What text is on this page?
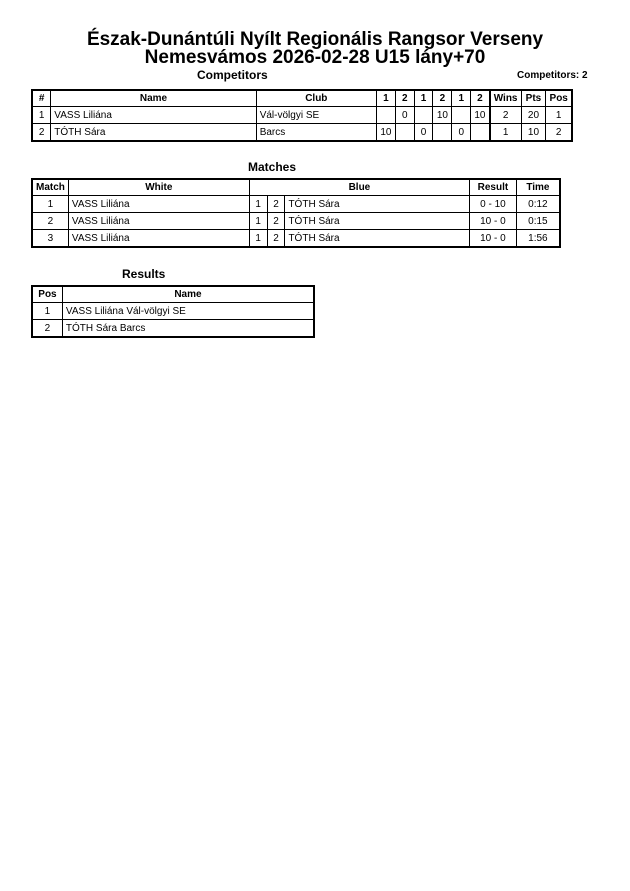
Észak-Dunántúli Nyílt Regionális Rangsor Verseny
Nemesvámos 2026-02-28 U15 lány+70
Competitors	Competitors: 2
#	Name	Club	1	2	1	2	1	2	Wins	Pts	Pos
1	VASS Liliána	Vál-völgyi SE		0		10		10	2	20	1
2	TÓTH Sára	Barcs	10		0		0		1	10	2
Matches
Match	White	Blue			Result	Time
1	VASS Liliána	1	2	TÓTH Sára	0 - 10	0:12
2	VASS Liliána	1	2	TÓTH Sára	10 - 0	0:15
3	VASS Liliána	1	2	TÓTH Sára	10 - 0	1:56
Results
Pos	Name
1	VASS Liliána Vál-völgyi SE
2	TÓTH Sára Barcs
